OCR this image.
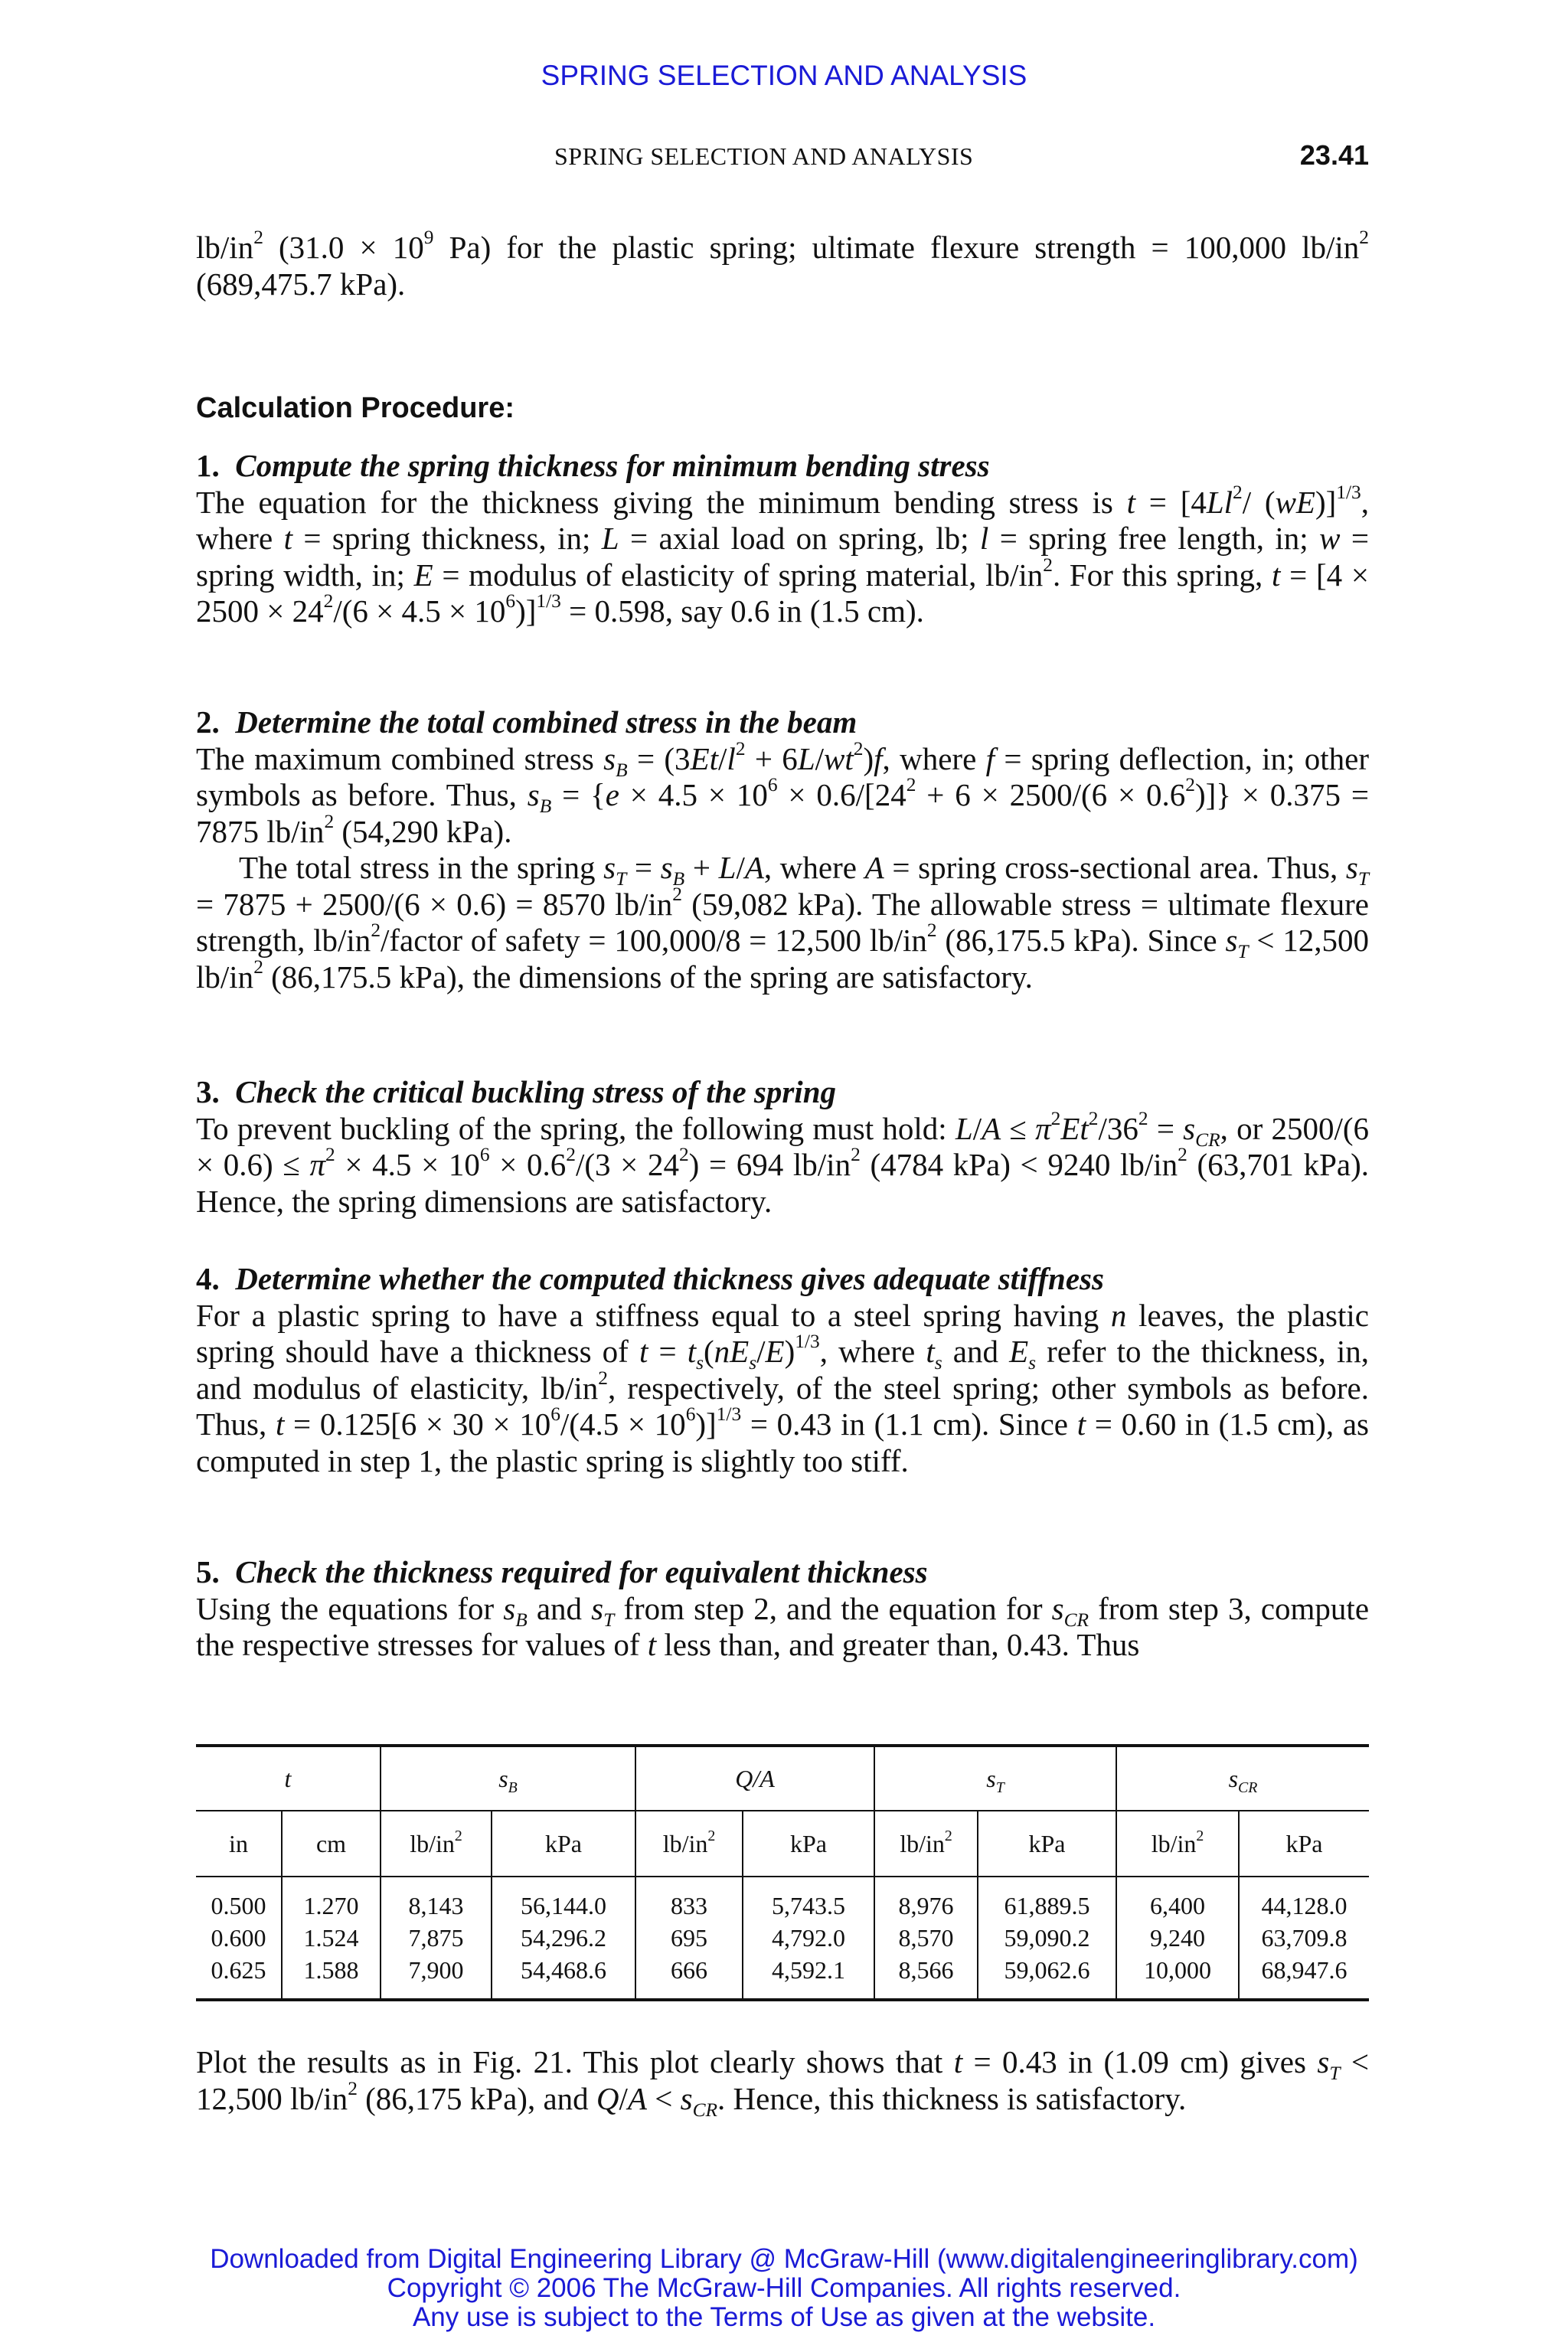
SPRING SELECTION AND ANALYSIS
SPRING SELECTION AND ANALYSIS	23.41

$lb/in^2$ ($31.0 \times 10^9$ Pa) for the plastic spring; ultimate flexure strength = 100,000 $lb/in^2$ (689,475.7 kPa).

Calculation Procedure:

1. Compute the spring thickness for minimum bending stress

The equation for the thickness giving the minimum bending stress is $t = [4Ll^2/$ (wE)]$^{1/3}$, where t = spring thickness, in; L = axial load on spring, lb; l = spring free length, in; w = spring width, in; E = modulus of elasticity of spring material, $lb/in^2$. For this spring, $t = [4 \times 2500 \times 24^2/(6 \times 4.5 \times 10^6)]^{1/3} = 0.598$, say 0.6 in (1.5 cm).

2. Determine the total combined stress in the beam

The maximum combined stress $s_B = (3Et/l^2 + 6L/wt^2)f$, where f = spring deflection, in; other symbols as before. Thus, $s_B = \{e \times 4.5 \times 10^6 \times 0.6/[24^2 + 6 \times 2500/(6 \times 0.6^2)]\} \times 0.375 = 7875$ $lb/in^2$ (54,290 kPa).

The total stress in the spring $s_T = s_B + L/A$, where A = spring cross-sectional area. Thus, $s_T = 7875 + 2500/(6 \times 0.6) = 8570$ $lb/in^2$ (59,082 kPa). The allowable stress = ultimate flexure strength, $lb/in^2$/factor of safety = 100,000/8 = 12,500 $lb/in^2$ (86,175.5 kPa). Since $s_T < 12,500$ $lb/in^2$ (86,175.5 kPa), the dimensions of the spring are satisfactory.

3. Check the critical buckling stress of the spring

To prevent buckling of the spring, the following must hold: $L/A \le \pi^2Et^2/36^2 = s_{CR}$, or $2500/(6 \times 0.6) \le \pi^2 \times 4.5 \times 10^6 \times 0.6^2/(3 \times 24^2) = 694$ $lb/in^2$ (4784 kPa) < 9240 $lb/in^2$ (63,701 kPa). Hence, the spring dimensions are satisfactory.

4. Determine whether the computed thickness gives adequate stiffness

For a plastic spring to have a stiffness equal to a steel spring having n leaves, the plastic spring should have a thickness of $t = t_s(nE_s/E)^{1/3}$, where $t_s$ and $E_s$ refer to the thickness, in, and modulus of elasticity, $lb/in^2$, respectively, of the steel spring; other symbols as before. Thus, $t = 0.125[6 \times 30 \times 10^6/(4.5 \times 10^6)]^{1/3} = 0.43$ in (1.1 cm). Since t = 0.60 in (1.5 cm), as computed in step 1, the plastic spring is slightly too stiff.

5. Check the thickness required for equivalent thickness

Using the equations for $s_B$ and $s_T$ from step 2, and the equation for $s_{CR}$ from step 3, compute the respective stresses for values of t less than, and greater than, 0.43. Thus

t		$s_B$		Q/A		$s_T$		$s_{CR}$
in	cm	$lb/in^2$	kPa	$lb/in^2$	kPa	$lb/in^2$	kPa	$lb/in^2$	kPa
0.500	1.270	8,143	56,144.0	833	5,743.5	8,976	61,889.5	6,400	44,128.0
0.600	1.524	7,875	54,296.2	695	4,792.0	8,570	59,090.2	9,240	63,709.8
0.625	1.588	7,900	54,468.6	666	4,592.1	8,566	59,062.6	10,000	68,947.6

Plot the results as in Fig. 21. This plot clearly shows that t = 0.43 in (1.09 cm) gives $s_T < 12,500$ $lb/in^2$ (86,175 kPa), and $Q/A < s_{CR}$. Hence, this thickness is satisfactory.

Downloaded from Digital Engineering Library @ McGraw-Hill (www.digitalengineeringlibrary.com)
Copyright © 2006 The McGraw-Hill Companies. All rights reserved.
Any use is subject to the Terms of Use as given at the website.
